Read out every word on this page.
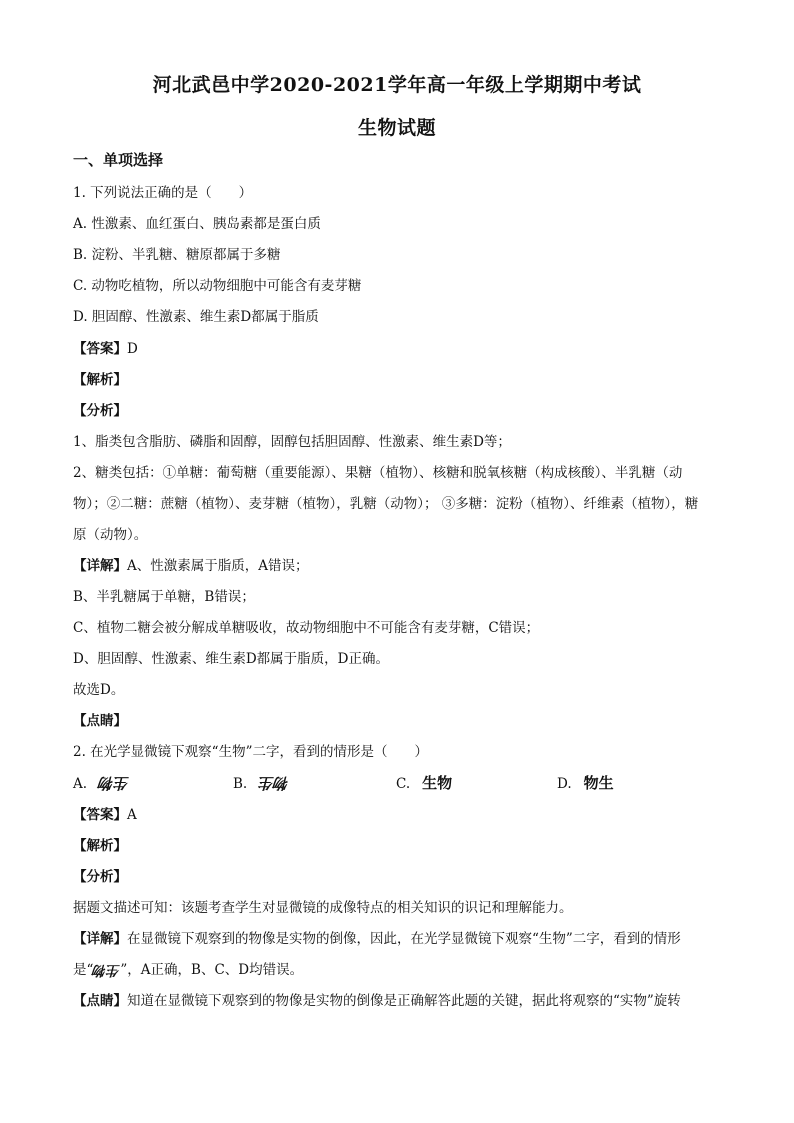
河北武邑中学2020-2021学年高一年级上学期期中考试
生物试题
一、单项选择
1. 下列说法正确的是（　　）
A. 性激素、血红蛋白、胰岛素都是蛋白质
B. 淀粉、半乳糖、糖原都属于多糖
C. 动物吃植物，所以动物细胞中可能含有麦芽糖
D. 胆固醇、性激素、维生素D都属于脂质
【答案】D
【解析】
【分析】
1、脂类包含脂肪、磷脂和固醇，固醇包括胆固醇、性激素、维生素D等；
2、糖类包括：①单糖：葡萄糖（重要能源）、果糖（植物）、核糖和脱氧核糖（构成核酸）、半乳糖（动
物）；②二糖：蔗糖（植物）、麦芽糖（植物），乳糖（动物）； ③多糖：淀粉（植物）、纤维素（植物），糖
原（动物）。
【详解】A、性激素属于脂质，A错误；
B、半乳糖属于单糖，B错误；
C、植物二糖会被分解成单糖吸收，故动物细胞中不可能含有麦芽糖，C错误；
D、胆固醇、性激素、维生素D都属于脂质，D正确。
故选D。
【点睛】
2. 在光学显微镜下观察“生物”二字，看到的情形是（　　）
A. 生物	B. 物生	C. 生物	D. 物生
【答案】A
【解析】
【分析】
据题文描述可知：该题考查学生对显微镜的成像特点的相关知识的识记和理解能力。
【详解】在显微镜下观察到的物像是实物的倒像，因此，在光学显微镜下观察“生物”二字，看到的情形
是“生物”，A正确，B、C、D均错误。
【点睛】知道在显微镜下观察到的物像是实物的倒像是正确解答此题的关键，据此将观察的“实物”旋转
